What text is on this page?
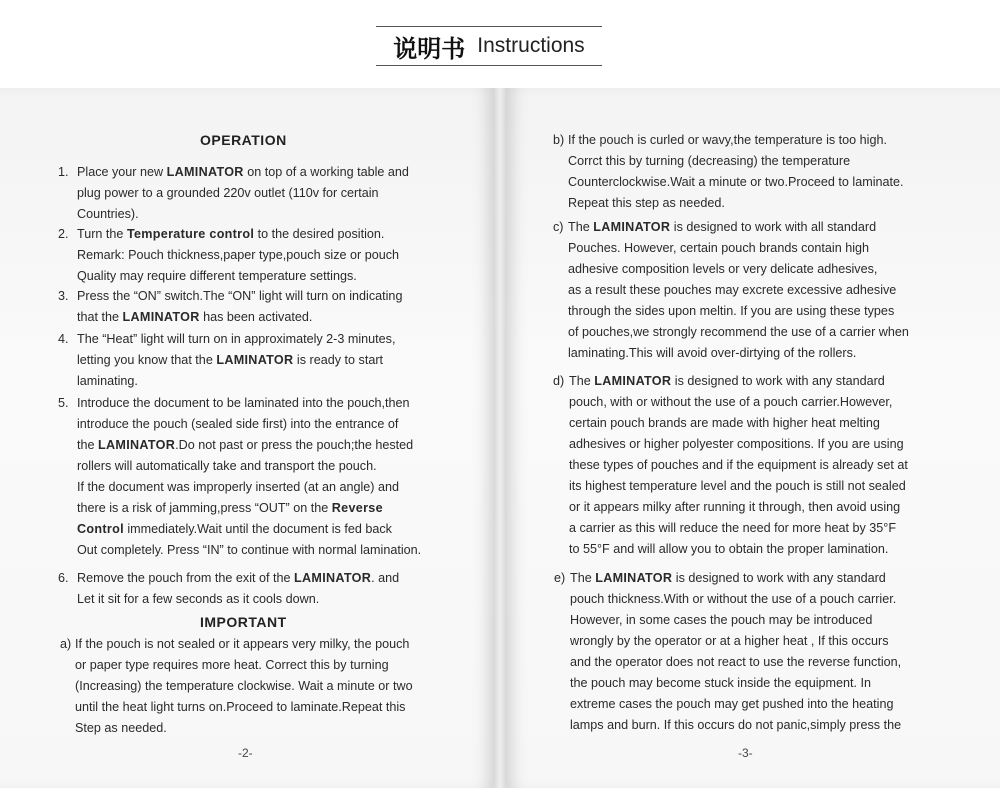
说明书 Instructions
OPERATION
IMPORTANT
-2-
1. Place your new LAMINATOR on top of a working table and
plug power to a grounded 220v outlet (110v for certain
Countries).
2. Turn the Temperature control to the desired position.
Remark: Pouch thickness,paper type,pouch size or pouch
Quality may require different temperature settings.
3. Press the “ON” switch.The “ON” light will turn on indicating
that the LAMINATOR has been activated.
4. The “Heat” light will turn on in approximately 2-3 minutes,
letting you know that the LAMINATOR is ready to start
laminating.
5. Introduce the document to be laminated into the pouch,then
introduce the pouch (sealed side first) into the entrance of
the LAMINATOR.Do not past or press the pouch;the hested
rollers will automatically take and transport the pouch.
If the document was improperly inserted (at an angle) and
there is a risk of jamming,press “OUT” on the Reverse
Control immediately.Wait until the document is fed back
Out completely. Press “IN” to continue with normal lamination.
6. Remove the pouch from the exit of the LAMINATOR. and
Let it sit for a few seconds as it cools down.
a) If the pouch is not sealed or it appears very milky, the pouch
or paper type requires more heat. Correct this by turning
(Increasing) the temperature clockwise. Wait a minute or two
until the heat light turns on.Proceed to laminate.Repeat this
Step as needed.
-3-
b) If the pouch is curled or wavy,the temperature is too high.
Corrct this by turning (decreasing) the temperature
Counterclockwise.Wait a minute or two.Proceed to laminate.
Repeat this step as needed.
c) The LAMINATOR is designed to work with all standard
Pouches. However, certain pouch brands contain high
adhesive composition levels or very delicate adhesives,
as a result these pouches may excrete excessive adhesive
through the sides upon meltin. If you are using these types
of pouches,we strongly recommend the use of a carrier when
laminating.This will avoid over-dirtying of the rollers.
d) The LAMINATOR is designed to work with any standard
pouch, with or without the use of a pouch carrier.However,
certain pouch brands are made with higher heat melting
adhesives or higher polyester compositions. If you are using
these types of pouches and if the equipment is already set at
its highest temperature level and the pouch is still not sealed
or it appears milky after running it through, then avoid using
a carrier as this will reduce the need for more heat by 35°F
to 55°F and will allow you to obtain the proper lamination.
e) The LAMINATOR is designed to work with any standard
pouch thickness.With or without the use of a pouch carrier.
However, in some cases the pouch may be introduced
wrongly by the operator or at a higher heat , If this occurs
and the operator does not react to use the reverse function,
the pouch may become stuck inside the equipment. In
extreme cases the pouch may get pushed into the heating
lamps and burn. If this occurs do not panic,simply press the
